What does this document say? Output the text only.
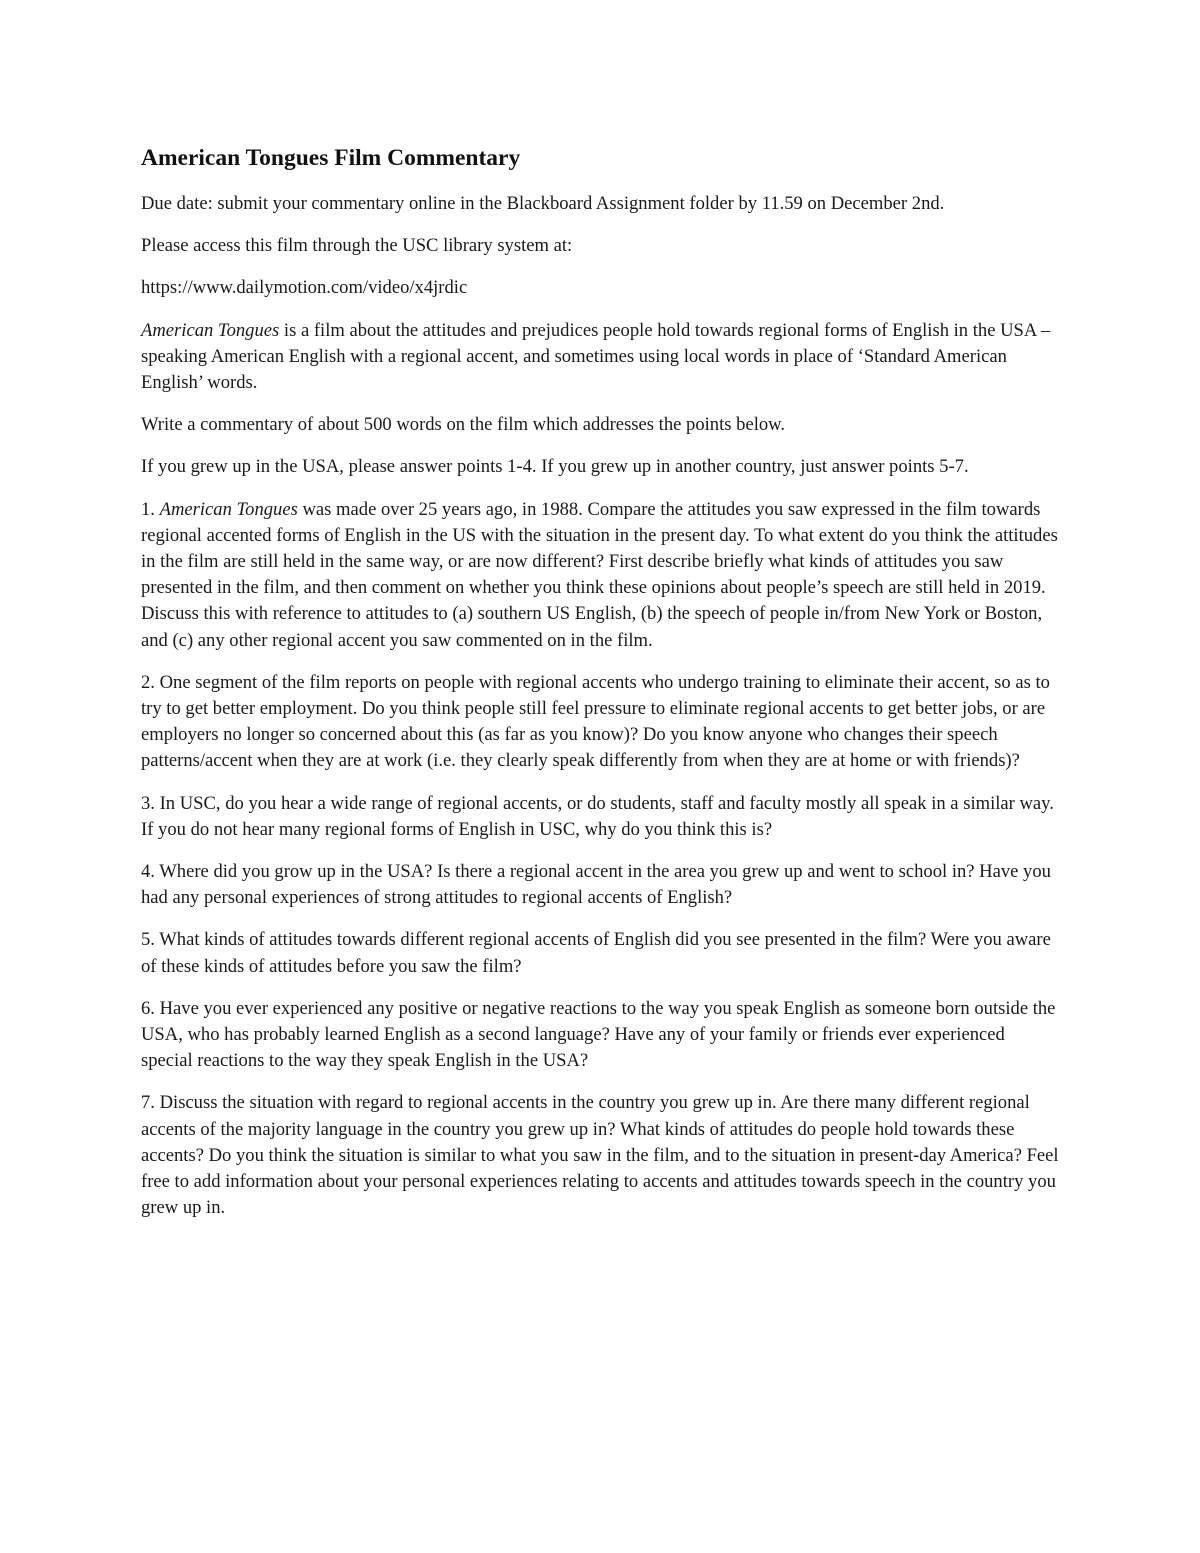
American Tongues Film Commentary

Due date: submit your commentary online in the Blackboard Assignment folder by 11.59 on December 2nd.

Please access this film through the USC library system at:

https://www.dailymotion.com/video/x4jrdic

American Tongues is a film about the attitudes and prejudices people hold towards regional forms of English in the USA – speaking American English with a regional accent, and sometimes using local words in place of ‘Standard American English’ words.

Write a commentary of about 500 words on the film which addresses the points below.

If you grew up in the USA, please answer points 1-4. If you grew up in another country, just answer points 5-7.

1. American Tongues was made over 25 years ago, in 1988. Compare the attitudes you saw expressed in the film towards regional accented forms of English in the US with the situation in the present day. To what extent do you think the attitudes in the film are still held in the same way, or are now different? First describe briefly what kinds of attitudes you saw presented in the film, and then comment on whether you think these opinions about people’s speech are still held in 2019. Discuss this with reference to attitudes to (a) southern US English, (b) the speech of people in/from New York or Boston, and (c) any other regional accent you saw commented on in the film.

2. One segment of the film reports on people with regional accents who undergo training to eliminate their accent, so as to try to get better employment. Do you think people still feel pressure to eliminate regional accents to get better jobs, or are employers no longer so concerned about this (as far as you know)? Do you know anyone who changes their speech patterns/accent when they are at work (i.e. they clearly speak differently from when they are at home or with friends)?

3. In USC, do you hear a wide range of regional accents, or do students, staff and faculty mostly all speak in a similar way. If you do not hear many regional forms of English in USC, why do you think this is?

4. Where did you grow up in the USA? Is there a regional accent in the area you grew up and went to school in? Have you had any personal experiences of strong attitudes to regional accents of English?

5. What kinds of attitudes towards different regional accents of English did you see presented in the film? Were you aware of these kinds of attitudes before you saw the film?

6. Have you ever experienced any positive or negative reactions to the way you speak English as someone born outside the USA, who has probably learned English as a second language? Have any of your family or friends ever experienced special reactions to the way they speak English in the USA?

7. Discuss the situation with regard to regional accents in the country you grew up in. Are there many different regional accents of the majority language in the country you grew up in? What kinds of attitudes do people hold towards these accents? Do you think the situation is similar to what you saw in the film, and to the situation in present-day America? Feel free to add information about your personal experiences relating to accents and attitudes towards speech in the country you grew up in.
